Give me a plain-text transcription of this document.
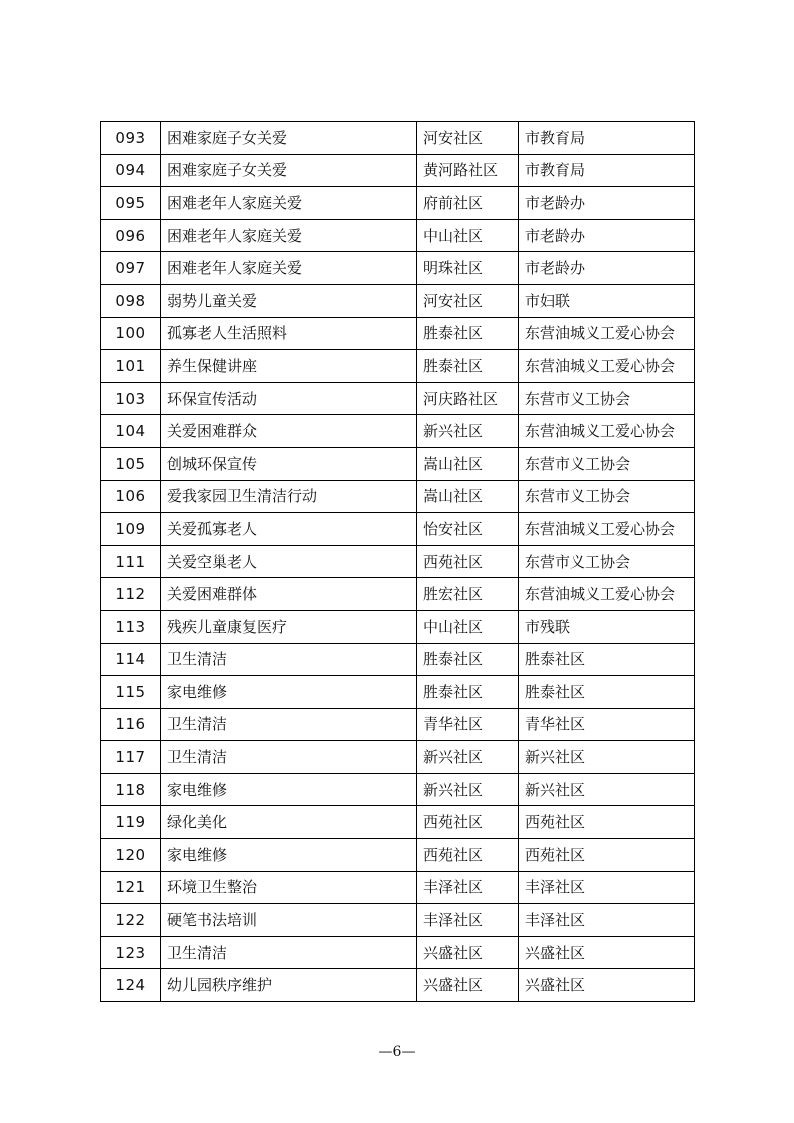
093	困难家庭子女关爱	河安社区	市教育局
094	困难家庭子女关爱	黄河路社区	市教育局
095	困难老年人家庭关爱	府前社区	市老龄办
096	困难老年人家庭关爱	中山社区	市老龄办
097	困难老年人家庭关爱	明珠社区	市老龄办
098	弱势儿童关爱	河安社区	市妇联
100	孤寡老人生活照料	胜泰社区	东营油城义工爱心协会
101	养生保健讲座	胜泰社区	东营油城义工爱心协会
103	环保宣传活动	河庆路社区	东营市义工协会
104	关爱困难群众	新兴社区	东营油城义工爱心协会
105	创城环保宣传	嵩山社区	东营市义工协会
106	爱我家园卫生清洁行动	嵩山社区	东营市义工协会
109	关爱孤寡老人	怡安社区	东营油城义工爱心协会
111	关爱空巢老人	西苑社区	东营市义工协会
112	关爱困难群体	胜宏社区	东营油城义工爱心协会
113	残疾儿童康复医疗	中山社区	市残联
114	卫生清洁	胜泰社区	胜泰社区
115	家电维修	胜泰社区	胜泰社区
116	卫生清洁	青华社区	青华社区
117	卫生清洁	新兴社区	新兴社区
118	家电维修	新兴社区	新兴社区
119	绿化美化	西苑社区	西苑社区
120	家电维修	西苑社区	西苑社区
121	环境卫生整治	丰泽社区	丰泽社区
122	硬笔书法培训	丰泽社区	丰泽社区
123	卫生清洁	兴盛社区	兴盛社区
124	幼儿园秩序维护	兴盛社区	兴盛社区
—6—
